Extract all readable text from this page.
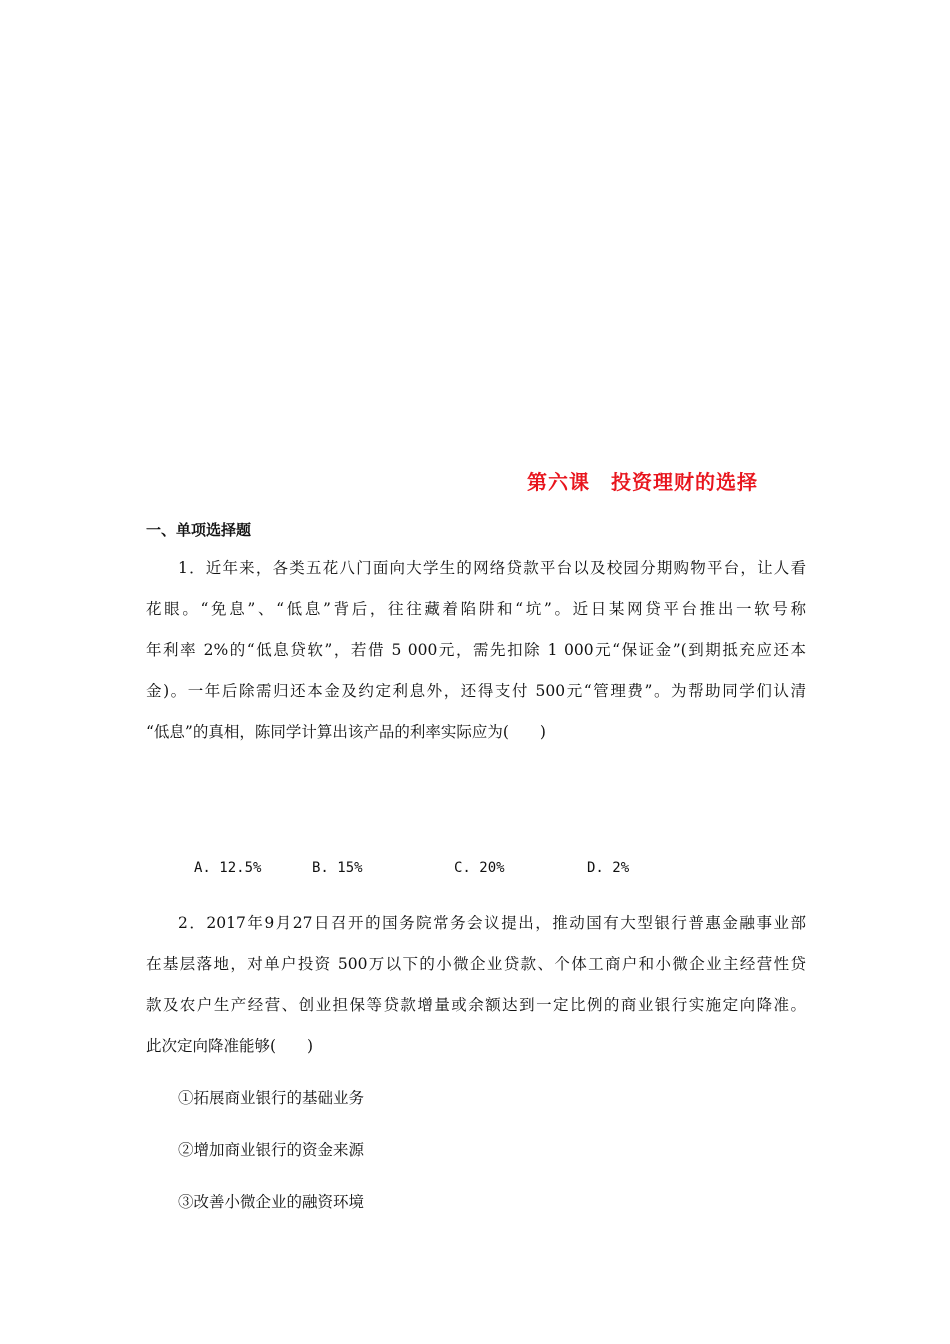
第六课　投资理财的选择
一、单项选择题
1．近年来，各类五花八门面向大学生的网络贷款平台以及校园分期购物平台，让人看
花眼。“免息”、“低息”背后，往往藏着陷阱和“坑”。近日某网贷平台推出一软号称
年利率 2%的“低息贷软”，若借 5 000元，需先扣除 1 000元“保证金”(到期抵充应还本
金)。一年后除需归还本金及约定利息外，还得支付 500元“管理费”。为帮助同学们认清
“低息”的真相，陈同学计算出该产品的利率实际应为(　　)
A. 12.5%	B. 15%	C. 20%	D. 2%
2．2017年9月27日召开的国务院常务会议提出，推动国有大型银行普惠金融事业部
在基层落地，对单户投资 500万以下的小微企业贷款、个体工商户和小微企业主经营性贷
款及农户生产经营、创业担保等贷款增量或余额达到一定比例的商业银行实施定向降准。
此次定向降准能够(　　)
①拓展商业银行的基础业务
②增加商业银行的资金来源
③改善小微企业的融资环境
